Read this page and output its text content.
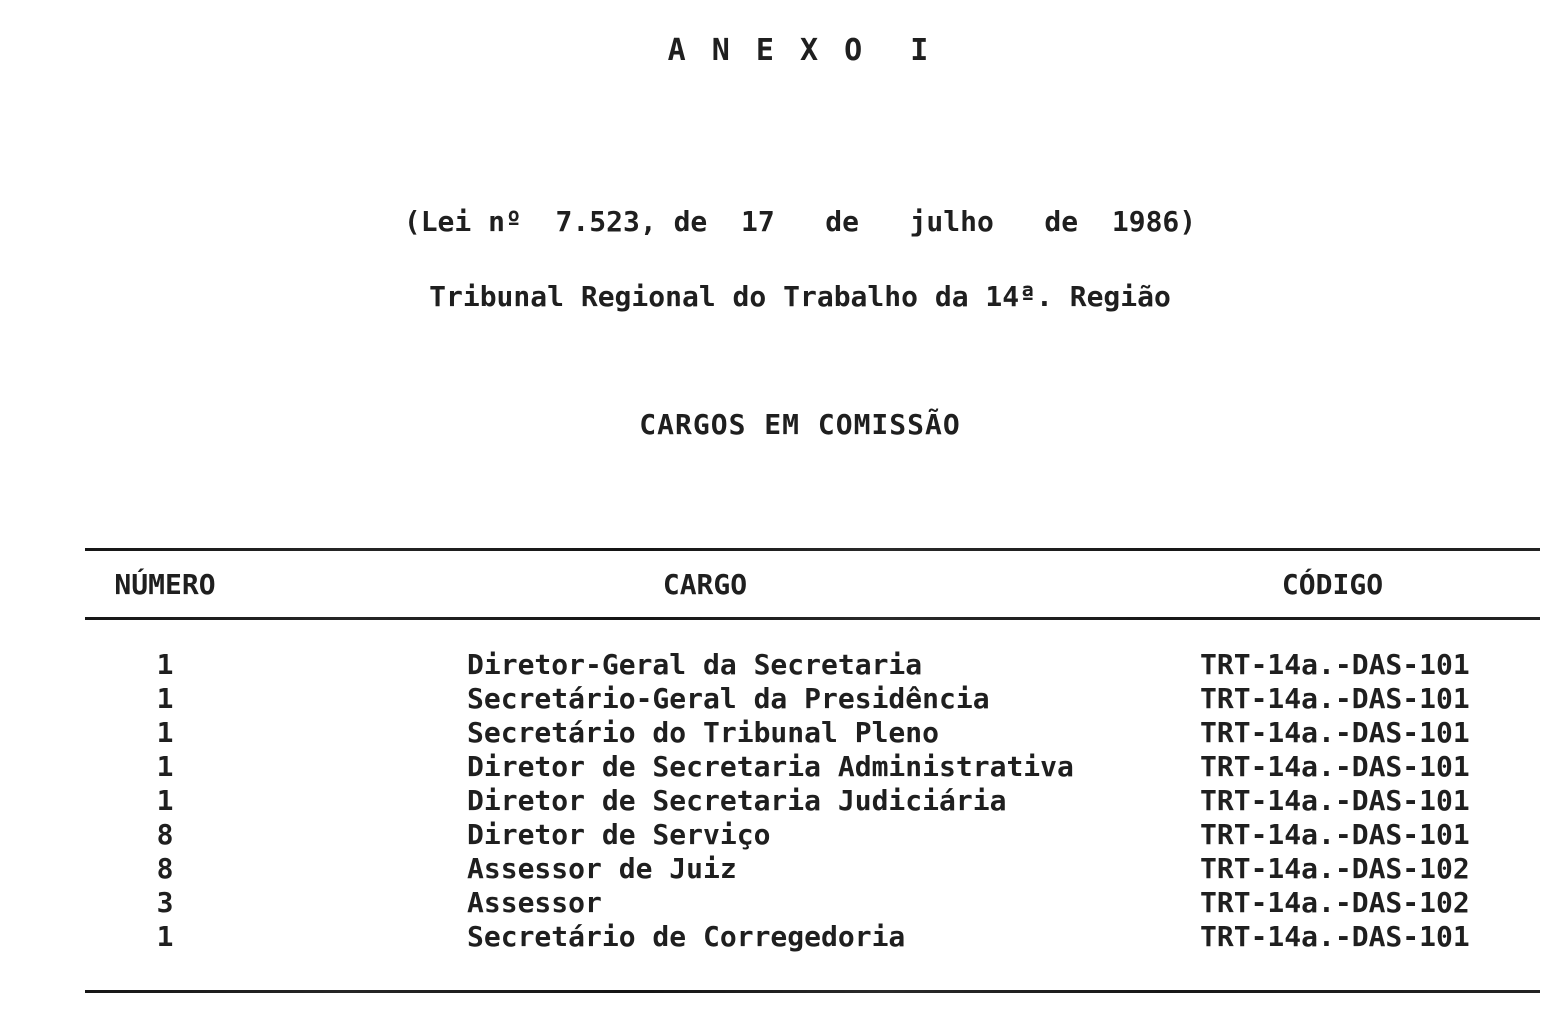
A N E X O  I
(Lei nº  7.523, de  17   de   julho   de  1986)
Tribunal Regional do Trabalho da 14ª. Região
CARGOS EM COMISSÃO
NÚMERO	CARGO	CÓDIGO
1	Diretor-Geral da Secretaria	TRT-14a.-DAS-101
1	Secretário-Geral da Presidência	TRT-14a.-DAS-101
1	Secretário do Tribunal Pleno	TRT-14a.-DAS-101
1	Diretor de Secretaria Administrativa	TRT-14a.-DAS-101
1	Diretor de Secretaria Judiciária	TRT-14a.-DAS-101
8	Diretor de Serviço	TRT-14a.-DAS-101
8	Assessor de Juiz	TRT-14a.-DAS-102
3	Assessor	TRT-14a.-DAS-102
1	Secretário de Corregedoria	TRT-14a.-DAS-101
